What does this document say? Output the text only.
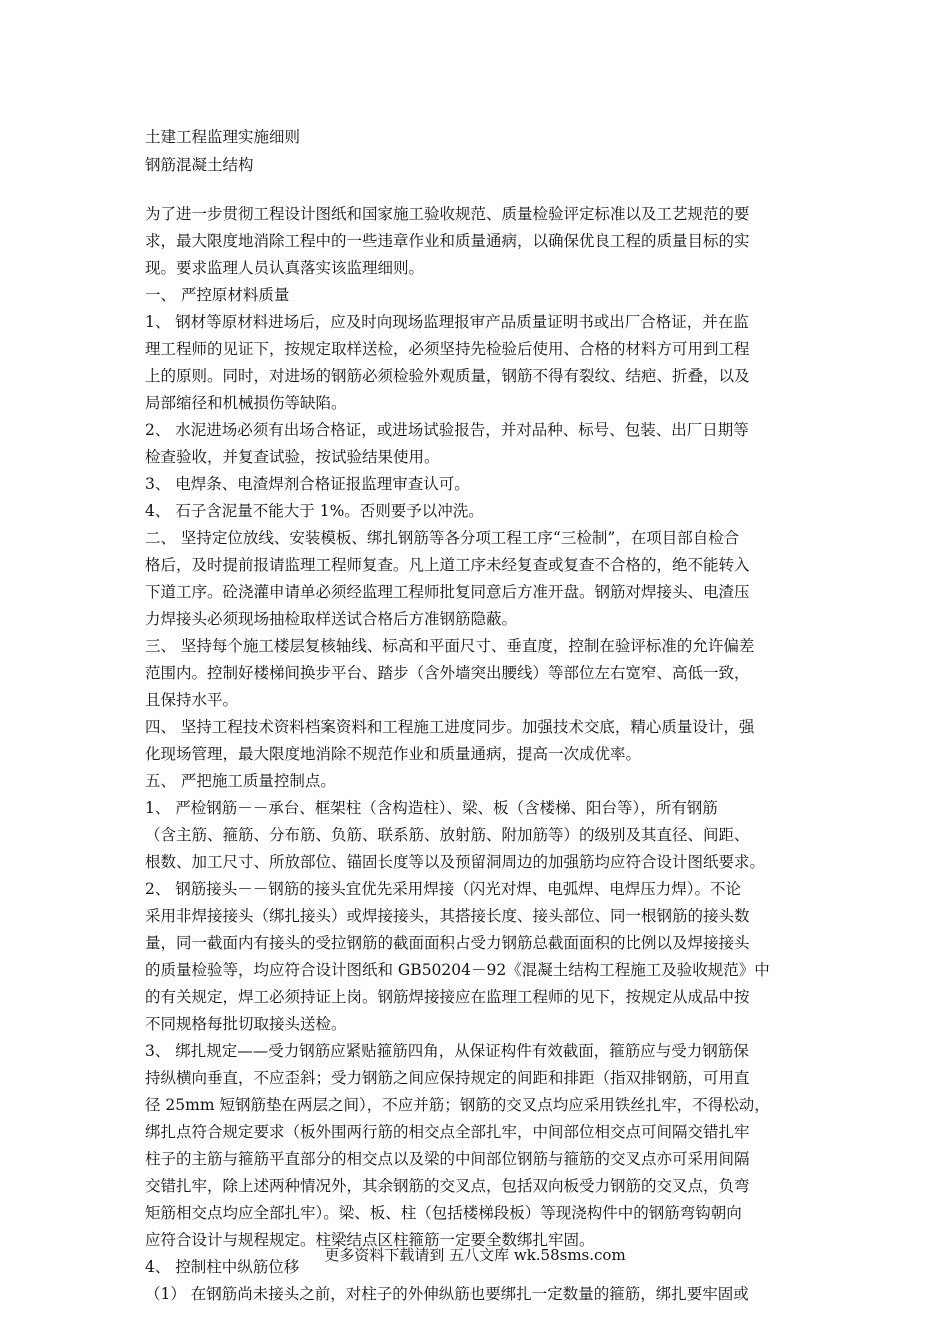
土建工程监理实施细则
钢筋混凝土结构
为了进一步贯彻工程设计图纸和国家施工验收规范、质量检验评定标准以及工艺规范的要
求，最大限度地消除工程中的一些违章作业和质量通病，以确保优良工程的质量目标的实
现。要求监理人员认真落实该监理细则。
一、 严控原材料质量
1、 钢材等原材料进场后，应及时向现场监理报审产品质量证明书或出厂合格证，并在监
理工程师的见证下，按规定取样送检，必须坚持先检验后使用、合格的材料方可用到工程
上的原则。同时，对进场的钢筋必须检验外观质量，钢筋不得有裂纹、结疤、折叠，以及
局部缩径和机械损伤等缺陷。
2、 水泥进场必须有出场合格证，或进场试验报告，并对品种、标号、包装、出厂日期等
检查验收，并复查试验，按试验结果使用。
3、 电焊条、电渣焊剂合格证报监理审查认可。
4、 石子含泥量不能大于 1%。否则要予以冲洗。
二、 坚持定位放线、安装模板、绑扎钢筋等各分项工程工序“三检制”，在项目部自检合
格后，及时提前报请监理工程师复查。凡上道工序未经复查或复查不合格的，绝不能转入
下道工序。砼浇灌申请单必须经监理工程师批复同意后方准开盘。钢筋对焊接头、电渣压
力焊接头必须现场抽检取样送试合格后方准钢筋隐蔽。
三、 坚持每个施工楼层复核轴线、标高和平面尺寸、垂直度，控制在验评标准的允许偏差
范围内。控制好楼梯间换步平台、踏步（含外墙突出腰线）等部位左右宽窄、高低一致，
且保持水平。
四、 坚持工程技术资料档案资料和工程施工进度同步。加强技术交底，精心质量设计，强
化现场管理，最大限度地消除不规范作业和质量通病，提高一次成优率。
五、 严把施工质量控制点。
1、 严检钢筋－－承台、框架柱（含构造柱）、梁、板（含楼梯、阳台等），所有钢筋
（含主筋、箍筋、分布筋、负筋、联系筋、放射筋、附加筋等）的级别及其直径、间距、
根数、加工尺寸、所放部位、锚固长度等以及预留洞周边的加强筋均应符合设计图纸要求。
2、 钢筋接头－－钢筋的接头宜优先采用焊接（闪光对焊、电弧焊、电焊压力焊）。不论
采用非焊接接头（绑扎接头）或焊接接头，其搭接长度、接头部位、同一根钢筋的接头数
量，同一截面内有接头的受拉钢筋的截面面积占受力钢筋总截面面积的比例以及焊接接头
的质量检验等，均应符合设计图纸和 GB50204－92《混凝土结构工程施工及验收规范》中
的有关规定，焊工必须持证上岗。钢筋焊接接应在监理工程师的见下，按规定从成品中按
不同规格每批切取接头送检。
3、 绑扎规定——受力钢筋应紧贴箍筋四角，从保证构件有效截面，箍筋应与受力钢筋保
持纵横向垂直，不应歪斜；受力钢筋之间应保持规定的间距和排距（指双排钢筋，可用直
径 25mm 短钢筋垫在两层之间），不应并筋；钢筋的交叉点均应采用铁丝扎牢，不得松动，
绑扎点符合规定要求（板外围两行筋的相交点全部扎牢，中间部位相交点可间隔交错扎牢
柱子的主筋与箍筋平直部分的相交点以及梁的中间部位钢筋与箍筋的交叉点亦可采用间隔
交错扎牢，除上述两种情况外，其余钢筋的交叉点，包括双向板受力钢筋的交叉点，负弯
矩筋相交点均应全部扎牢）。梁、板、柱（包括楼梯段板）等现浇构件中的钢筋弯钩朝向
应符合设计与规程规定。柱梁结点区柱箍筋一定要全数绑扎牢固。
4、 控制柱中纵筋位移
（1） 在钢筋尚未接头之前，对柱子的外伸纵筋也要绑扎一定数量的箍筋，绑扎要牢固或
更多资料下载请到 五八文库 wk.58sms.com
